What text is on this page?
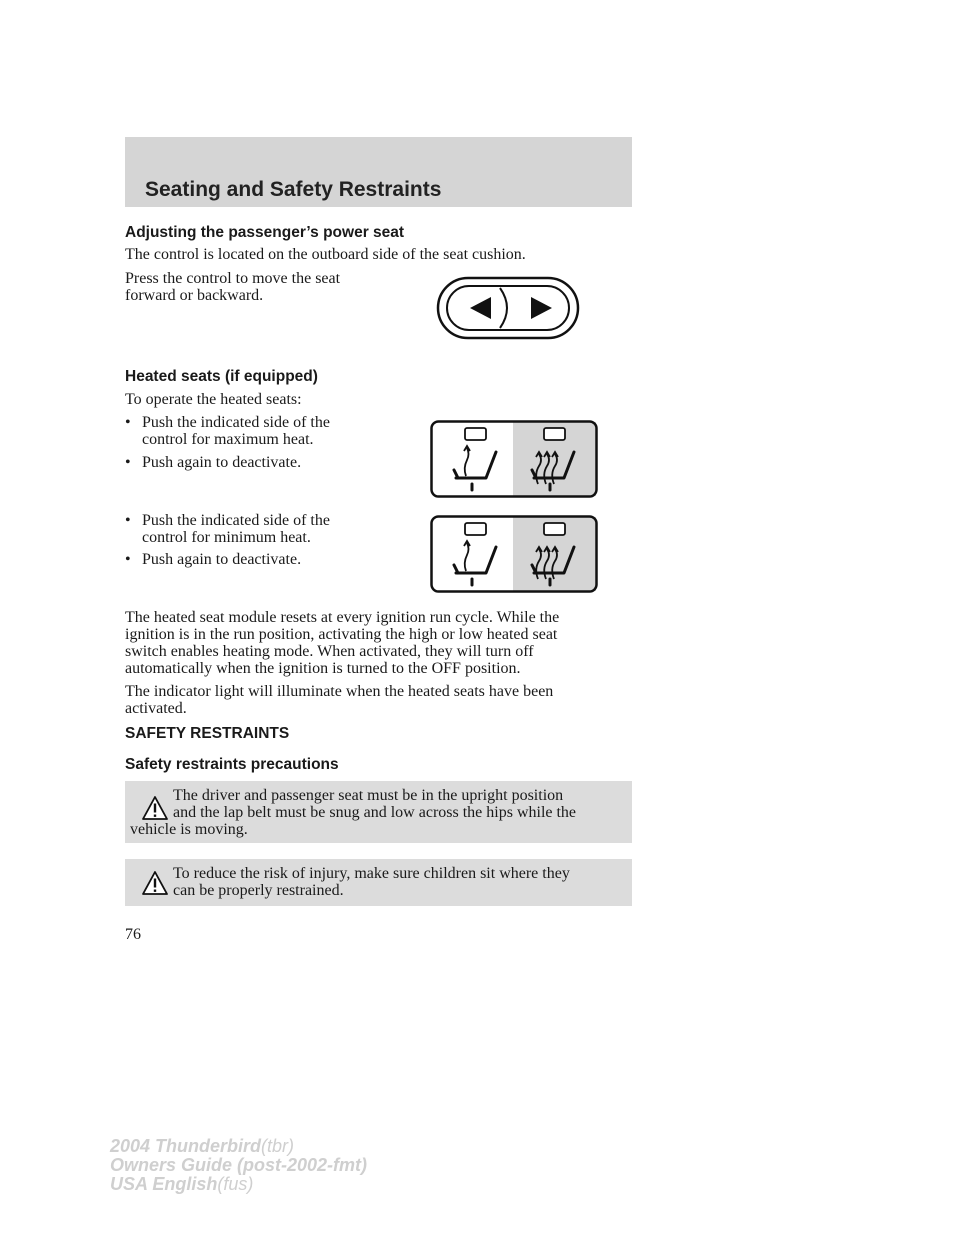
Seating and Safety Restraints
Adjusting the passenger’s power seat
The control is located on the outboard side of the seat cushion.
Press the control to move the seat
forward or backward.
Heated seats (if equipped)
To operate the heated seats:
• Push the indicated side of the
control for maximum heat.
• Push again to deactivate.
• Push the indicated side of the
control for minimum heat.
• Push again to deactivate.
The heated seat module resets at every ignition run cycle. While the
ignition is in the run position, activating the high or low heated seat
switch enables heating mode. When activated, they will turn off
automatically when the ignition is turned to the OFF position.
The indicator light will illuminate when the heated seats have been
activated.
SAFETY RESTRAINTS
Safety restraints precautions
The driver and passenger seat must be in the upright position
and the lap belt must be snug and low across the hips while the
vehicle is moving.
To reduce the risk of injury, make sure children sit where they
can be properly restrained.
76
2004 Thunderbird(tbr)
Owners Guide (post-2002-fmt)
USA English(fus)
